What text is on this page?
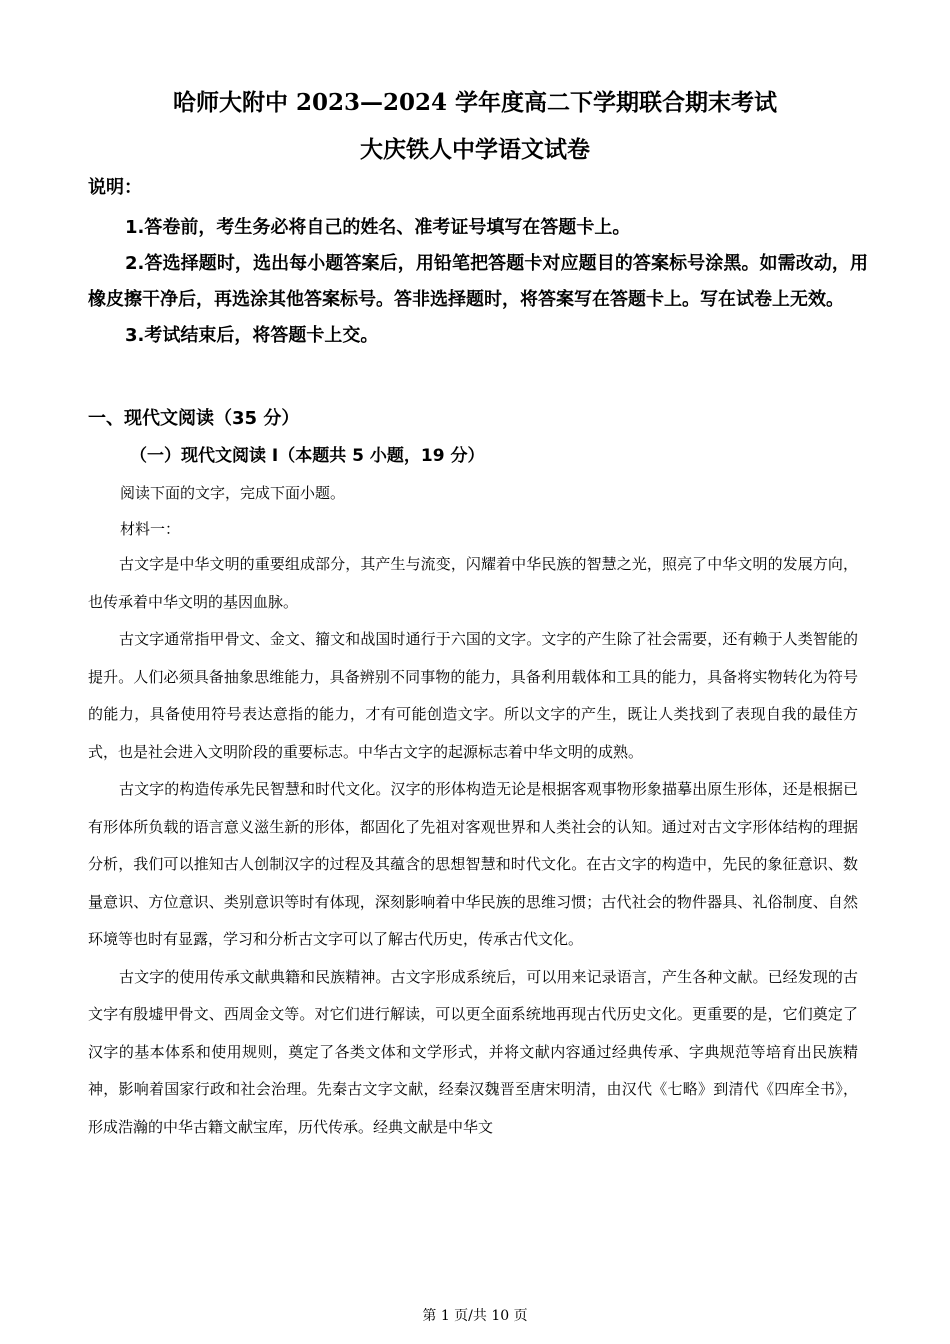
哈师大附中 2023—2024 学年度高二下学期联合期末考试
大庆铁人中学语文试卷

说明：

1.答卷前，考生务必将自己的姓名、准考证号填写在答题卡上。

2.答选择题时，选出每小题答案后，用铅笔把答题卡对应题目的答案标号涂黑。如需改动，用橡皮擦干净后，再选涂其他答案标号。答非选择题时，将答案写在答题卡上。写在试卷上无效。

3.考试结束后，将答题卡上交。

一、现代文阅读（35 分）
（一）现代文阅读 I（本题共 5 小题，19 分）
阅读下面的文字，完成下面小题。
材料一：

古文字是中华文明的重要组成部分，其产生与流变，闪耀着中华民族的智慧之光，照亮了中华文明的发展方向，也传承着中华文明的基因血脉。

古文字通常指甲骨文、金文、籀文和战国时通行于六国的文字。文字的产生除了社会需要，还有赖于人类智能的提升。人们必须具备抽象思维能力，具备辨别不同事物的能力，具备利用载体和工具的能力，具备将实物转化为符号的能力，具备使用符号表达意指的能力，才有可能创造文字。所以文字的产生，既让人类找到了表现自我的最佳方式，也是社会进入文明阶段的重要标志。中华古文字的起源标志着中华文明的成熟。

古文字的构造传承先民智慧和时代文化。汉字的形体构造无论是根据客观事物形象描摹出原生形体，还是根据已有形体所负载的语言意义滋生新的形体，都固化了先祖对客观世界和人类社会的认知。通过对古文字形体结构的理据分析，我们可以推知古人创制汉字的过程及其蕴含的思想智慧和时代文化。在古文字的构造中，先民的象征意识、数量意识、方位意识、类别意识等时有体现，深刻影响着中华民族的思维习惯；古代社会的物件器具、礼俗制度、自然环境等也时有显露，学习和分析古文字可以了解古代历史，传承古代文化。

古文字的使用传承文献典籍和民族精神。古文字形成系统后，可以用来记录语言，产生各种文献。已经发现的古文字有殷墟甲骨文、西周金文等。对它们进行解读，可以更全面系统地再现古代历史文化。更重要的是，它们奠定了汉字的基本体系和使用规则，奠定了各类文体和文学形式，并将文献内容通过经典传承、字典规范等培育出民族精神，影响着国家行政和社会治理。先秦古文字文献，经秦汉魏晋至唐宋明清，由汉代《七略》到清代《四库全书》，形成浩瀚的中华古籍文献宝库，历代传承。经典文献是中华文

第 1 页/共 10 页
